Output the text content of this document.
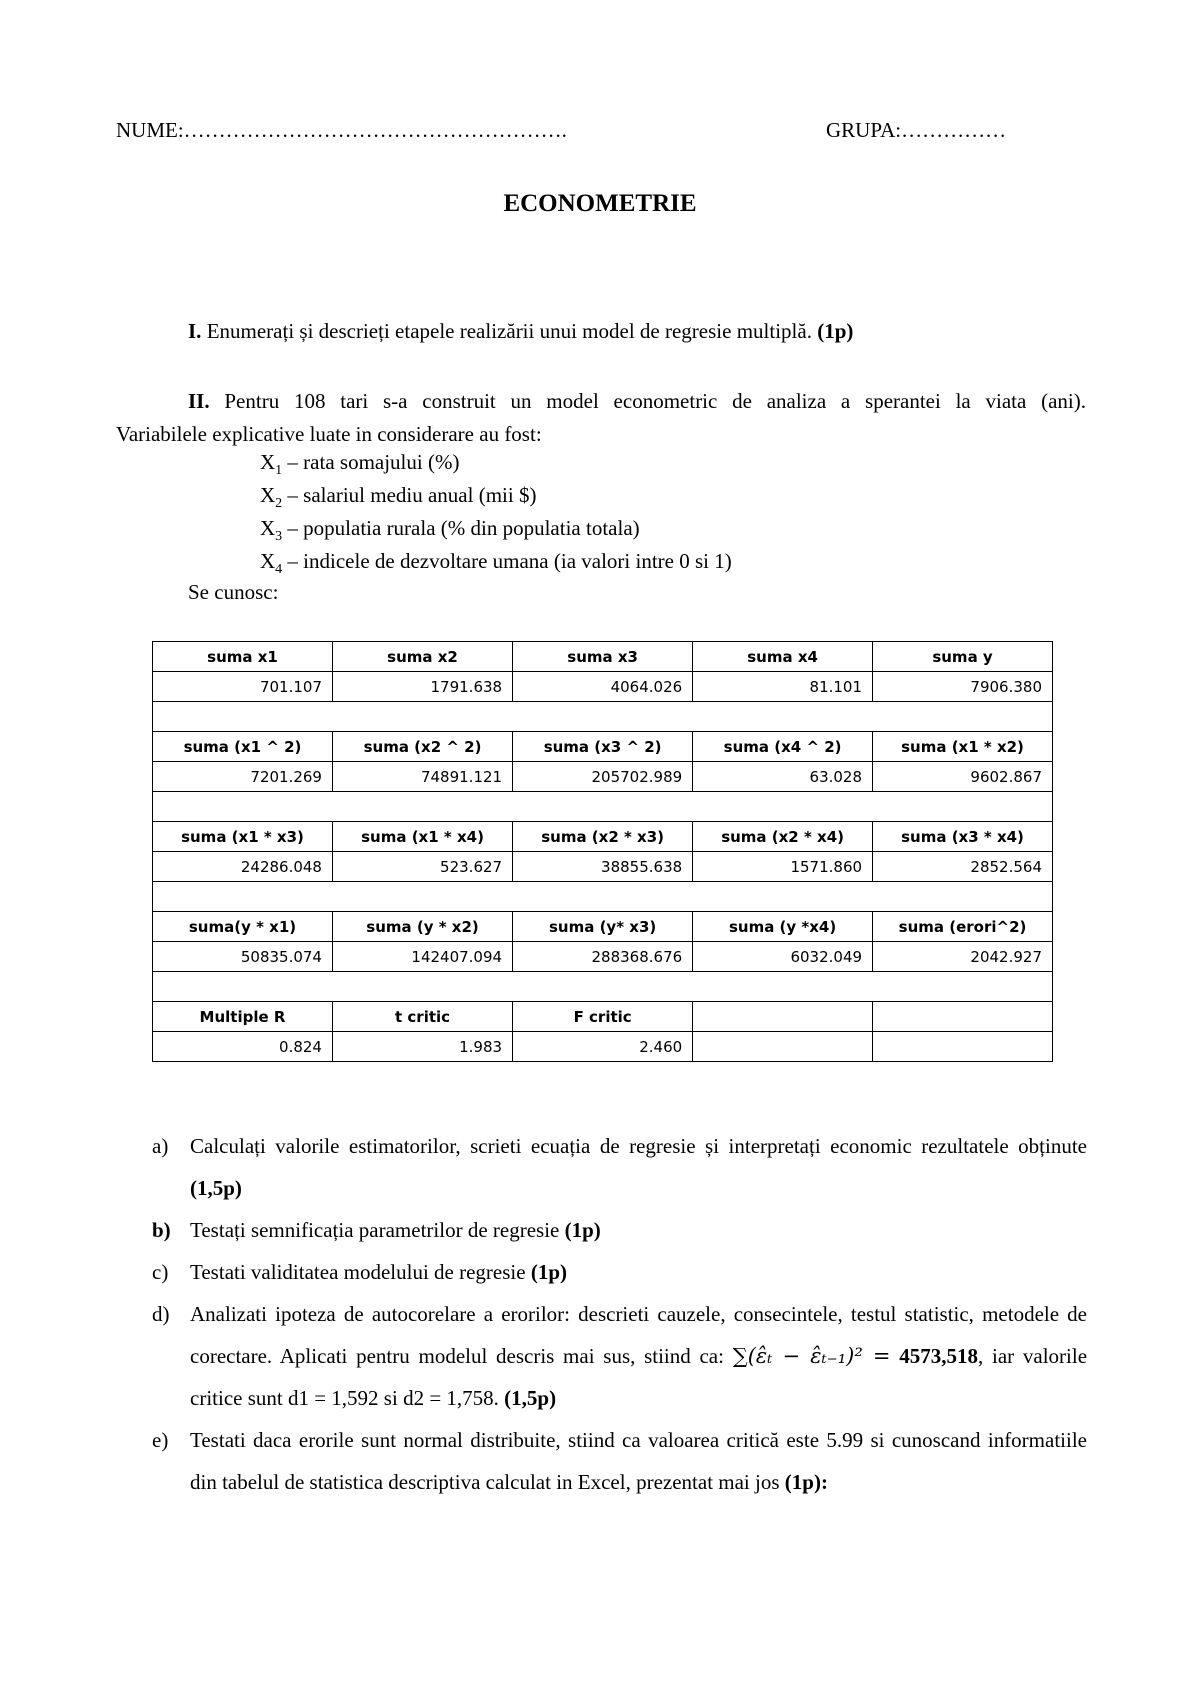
NUME:……………………………………………….	GRUPA:……………
ECONOMETRIE
I. Enumerați și descrieți etapele realizării unui model de regresie multiplă. (1p)
II. Pentru 108 tari s-a construit un model econometric de analiza a sperantei la viata (ani).
Variabilele explicative luate in considerare au fost:
$X_1$ – rata somajului (%)
$X_2$ – salariul mediu anual (mii $)
$X_3$ – populatia rurala (% din populatia totala)
$X_4$ – indicele de dezvoltare umana (ia valori intre 0 si 1)
Se cunosc:
suma x1	suma x2	suma x3	suma x4	suma y
701.107	1791.638	4064.026	81.101	7906.380

suma (x1 ^ 2)	suma (x2 ^ 2)	suma (x3 ^ 2)	suma (x4 ^ 2)	suma (x1 * x2)
7201.269	74891.121	205702.989	63.028	9602.867

suma (x1 * x3)	suma (x1 * x4)	suma (x2 * x3)	suma (x2 * x4)	suma (x3 * x4)
24286.048	523.627	38855.638	1571.860	2852.564

suma(y * x1)	suma (y * x2)	suma (y* x3)	suma (y *x4)	suma (erori^2)
50835.074	142407.094	288368.676	6032.049	2042.927

Multiple R	t critic	F critic		
0.824	1.983	2.460		
a) Calculați valorile estimatorilor, scrieti ecuația de regresie și interpretați economic rezultatele obținute (1,5p)
b) Testați semnificația parametrilor de regresie (1p)
c) Testati validitatea modelului de regresie (1p)
d) Analizati ipoteza de autocorelare a erorilor: descrieti cauzele, consecintele, testul statistic, metodele de corectare. Aplicati pentru modelul descris mai sus, stiind ca: ∑(ε̂ₜ − ε̂ₜ₋₁)² = 4573,518, iar valorile critice sunt d1 = 1,592 si d2 = 1,758. (1,5p)
e) Testati daca erorile sunt normal distribuite, stiind ca valoarea critică este 5.99 si cunoscand informatiile din tabelul de statistica descriptiva calculat in Excel, prezentat mai jos (1p):
